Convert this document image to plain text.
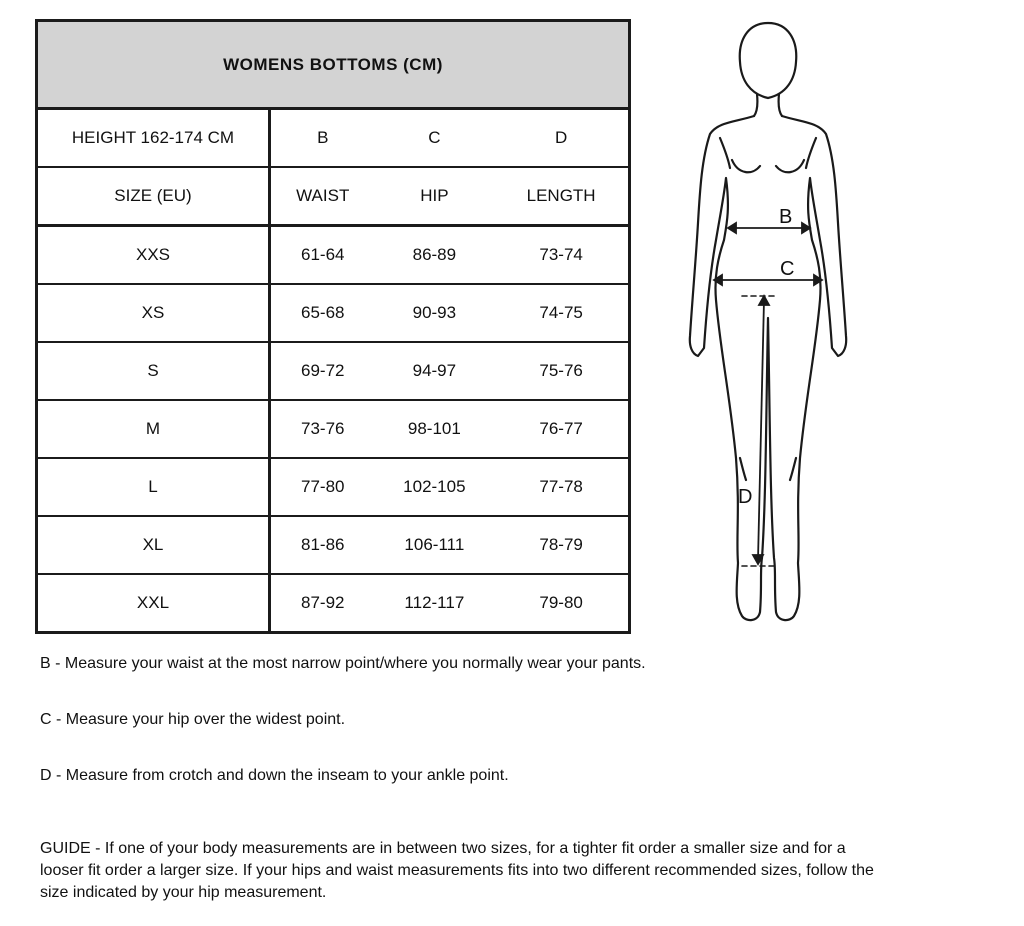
WOMENS BOTTOMS (CM)			
HEIGHT 162-174 CM	B	C	D
SIZE (EU)	WAIST	HIP	LENGTH
XXS	61-64	86-89	73-74
XS	65-68	90-93	74-75
S	69-72	94-97	75-76
M	73-76	98-101	76-77
L	77-80	102-105	77-78
XL	81-86	106-111	78-79
XXL	87-92	112-117	79-80
B
C
D
B - Measure your waist at the most narrow point/where you normally wear your pants.
C - Measure your hip over the widest point.
D - Measure from crotch and down the inseam to your ankle point.
GUIDE - If one of your body measurements are in between two sizes, for a tighter fit order a smaller size and for a looser fit order a larger size. If your hips and waist measurements fits into two different recommended sizes, follow the size indicated by your hip measurement.
